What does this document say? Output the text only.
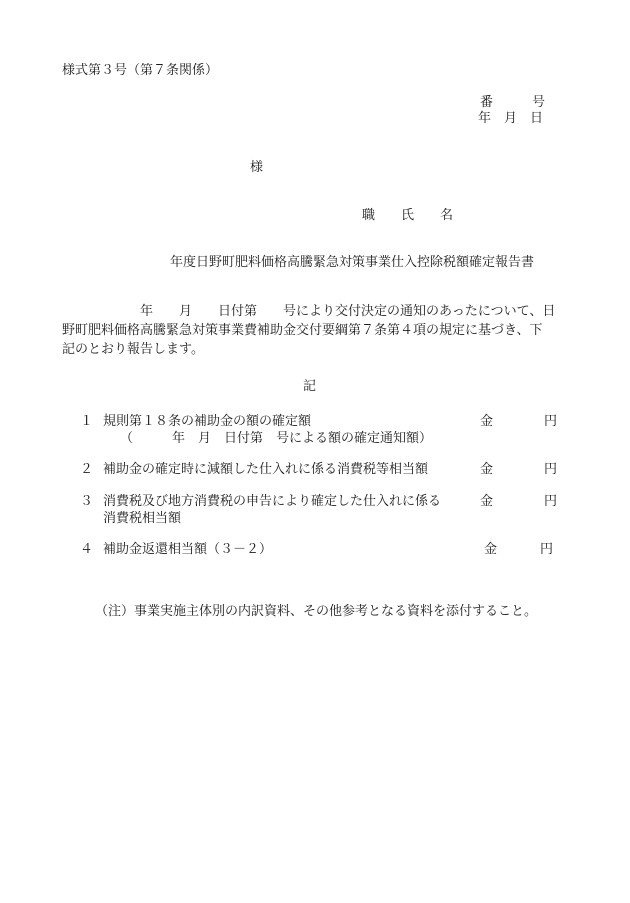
様式第３号（第７条関係）
番　　　号
年　月　日
様
職　　氏　　名
年度日野町肥料価格高騰緊急対策事業仕入控除税額確定報告書
　　　　　　年　　月　　日付第　　号により交付決定の通知のあったについて、日
野町肥料価格高騰緊急対策事業費補助金交付要綱第７条第４項の規定に基づき、下
記のとおり報告します。
記
１ 規則第１８条の補助金の額の確定額
（　　　年　月　日付第　号による額の確定通知額）
金	円
２ 補助金の確定時に減額した仕入れに係る消費税等相当額	金	円
３ 消費税及び地方消費税の申告により確定した仕入れに係る
消費税相当額
金	円
４ 補助金返還相当額（３－２）	金	円
（注）事業実施主体別の内訳資料、その他参考となる資料を添付すること。
